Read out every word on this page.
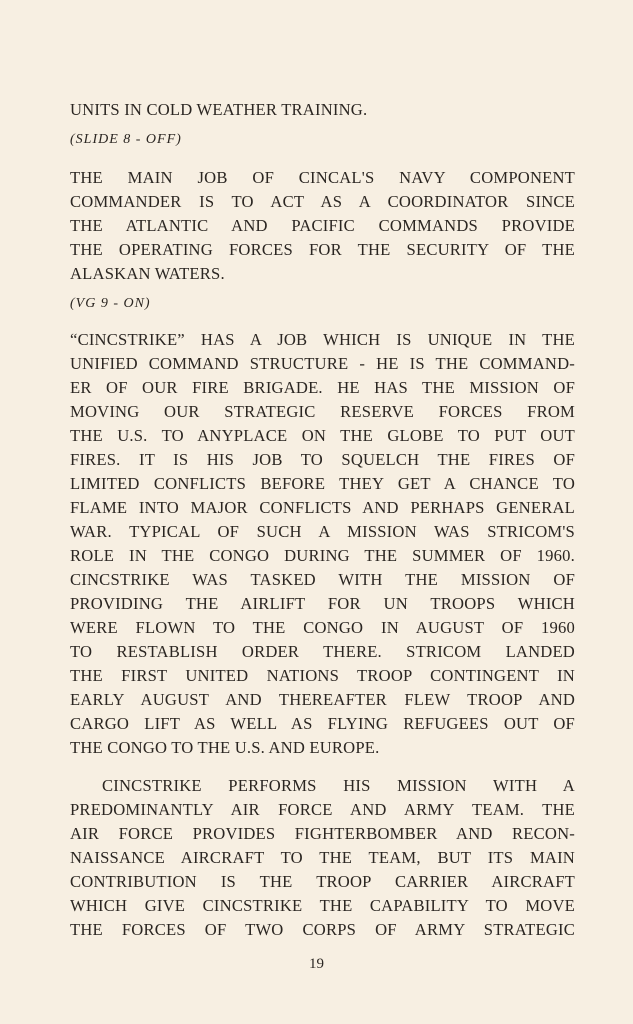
UNITS IN COLD WEATHER TRAINING.
(SLIDE 8 - OFF)
THE MAIN JOB OF CINCAL'S NAVY COMPONENT
COMMANDER IS TO ACT AS A COORDINATOR SINCE
THE ATLANTIC AND PACIFIC COMMANDS PROVIDE
THE OPERATING FORCES FOR THE SECURITY OF THE
ALASKAN WATERS.
(VG 9 - ON)
“CINCSTRIKE” HAS A JOB WHICH IS UNIQUE IN THE
UNIFIED COMMAND STRUCTURE - HE IS THE COMMAND-
ER OF OUR FIRE BRIGADE. HE HAS THE MISSION OF
MOVING OUR STRATEGIC RESERVE FORCES FROM
THE U.S. TO ANYPLACE ON THE GLOBE TO PUT OUT
FIRES. IT IS HIS JOB TO SQUELCH THE FIRES OF
LIMITED CONFLICTS BEFORE THEY GET A CHANCE TO
FLAME INTO MAJOR CONFLICTS AND PERHAPS GENERAL
WAR. TYPICAL OF SUCH A MISSION WAS STRICOM'S
ROLE IN THE CONGO DURING THE SUMMER OF 1960.
CINCSTRIKE WAS TASKED WITH THE MISSION OF
PROVIDING THE AIRLIFT FOR UN TROOPS WHICH
WERE FLOWN TO THE CONGO IN AUGUST OF 1960
TO RESTABLISH ORDER THERE. STRICOM LANDED
THE FIRST UNITED NATIONS TROOP CONTINGENT IN
EARLY AUGUST AND THEREAFTER FLEW TROOP AND
CARGO LIFT AS WELL AS FLYING REFUGEES OUT OF
THE CONGO TO THE U.S. AND EUROPE.
CINCSTRIKE PERFORMS HIS MISSION WITH A
PREDOMINANTLY AIR FORCE AND ARMY TEAM. THE
AIR FORCE PROVIDES FIGHTERBOMBER AND RECON-
NAISSANCE AIRCRAFT TO THE TEAM, BUT ITS MAIN
CONTRIBUTION IS THE TROOP CARRIER AIRCRAFT
WHICH GIVE CINCSTRIKE THE CAPABILITY TO MOVE
THE FORCES OF TWO CORPS OF ARMY STRATEGIC
19
